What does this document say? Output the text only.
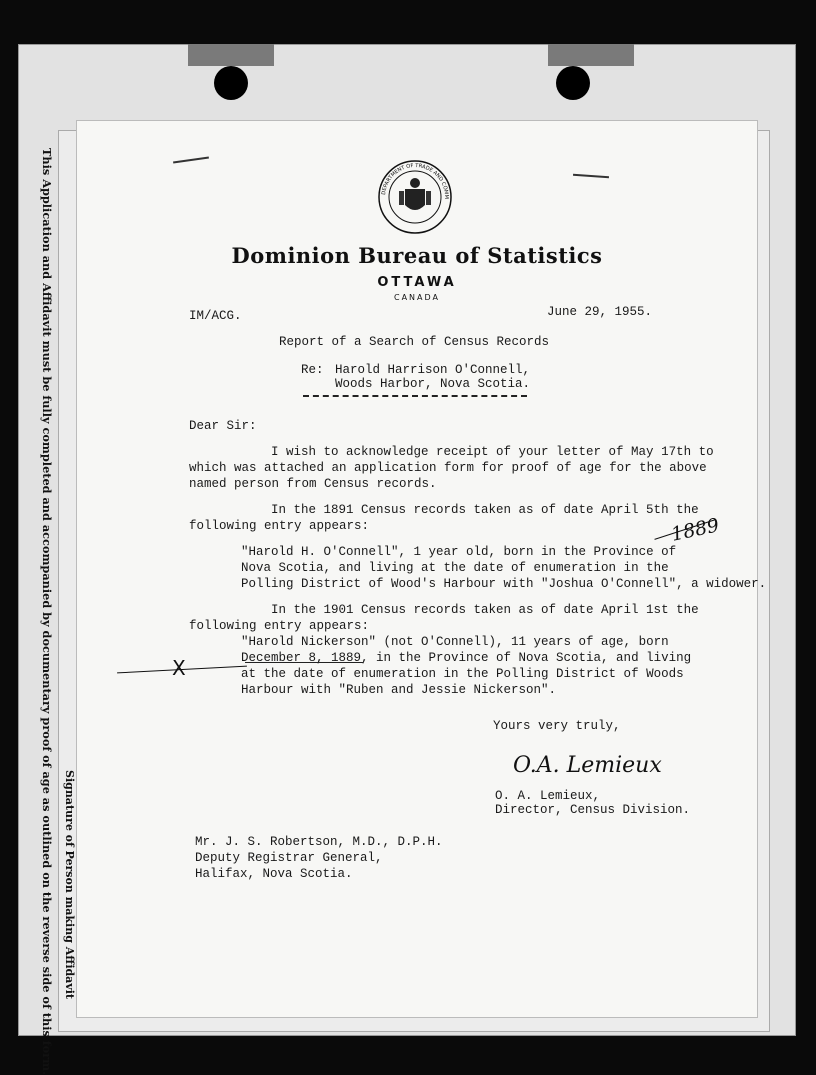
This Application and Affidavit must be fully completed and accompanied by documentary proof of age as outlined on the reverse side of this form. Signature of Person making Affidavit
DEPARTMENT OF TRADE AND COMM
Dominion Bureau of Statistics
OTTAWA
CANADA
IM/ACG.	June 29, 1955.
Report of a Search of Census Records
Re: Harold Harrison O'Connell,
Woods Harbor, Nova Scotia.
Dear Sir:
I wish to acknowledge receipt of your letter of May 17th to
which was attached an application form for proof of age for the above
named person from Census records.
In the 1891 Census records taken as of date April 5th the
following entry appears:	1889
"Harold H. O'Connell", 1 year old, born in the Province of
Nova Scotia, and living at the date of enumeration in the
Polling District of Wood's Harbour with "Joshua O'Connell", a widower.
In the 1901 Census records taken as of date April 1st the
following entry appears:
"Harold Nickerson" (not O'Connell), 11 years of age, born
December 8, 1889, in the Province of Nova Scotia, and living
at the date of enumeration in the Polling District of Woods
Harbour with "Ruben and Jessie Nickerson".
X
Yours very truly,
O.A. Lemieux
O. A. Lemieux,
Director, Census Division.
Mr. J. S. Robertson, M.D., D.P.H.
Deputy Registrar General,
Halifax, Nova Scotia.
